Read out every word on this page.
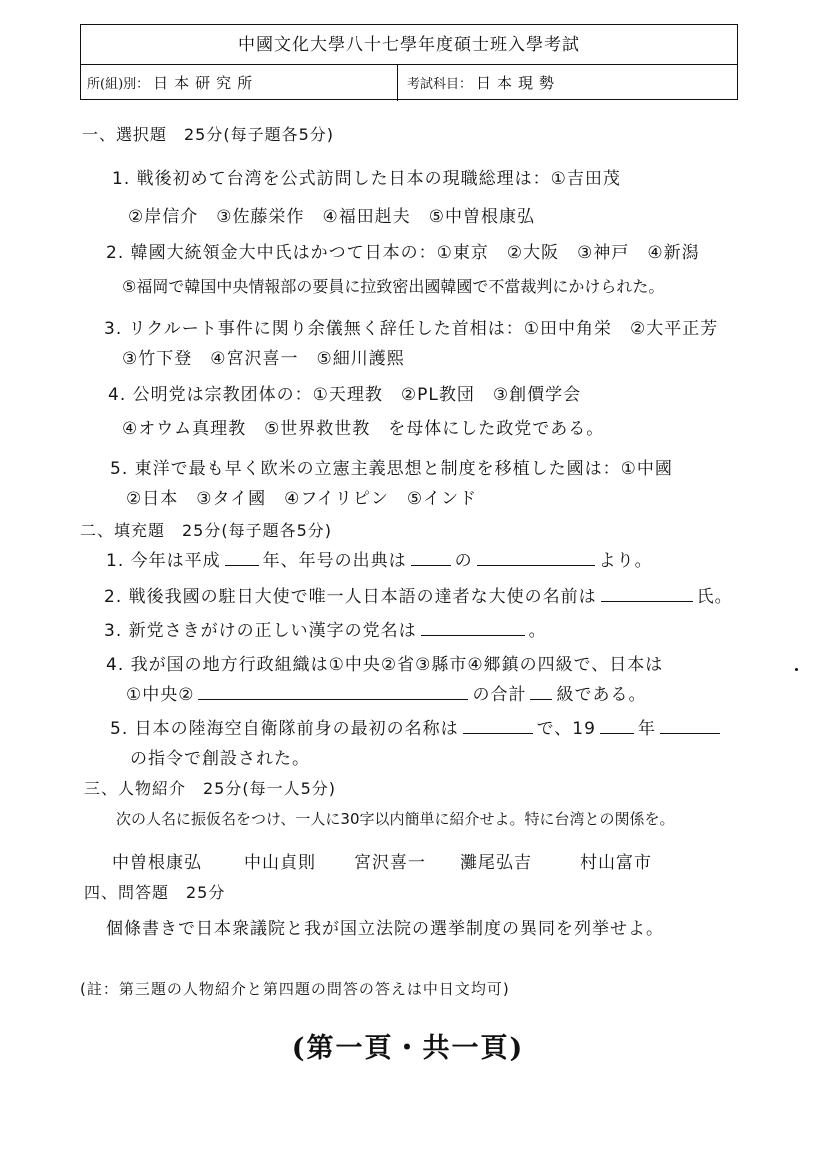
中國文化大學八十七學年度碩士班入學考試
所(組)別： 日本研究所	考試科目： 日本現勢
一、選択題　25分(每子題各5分)
1. 戦後初めて台湾を公式訪問した日本の現職総理は：①吉田茂
②岸信介　③佐藤栄作　④福田赳夫　⑤中曽根康弘
2. 韓國大統領金大中氏はかつて日本の：①東京　②大阪　③神戸　④新潟
⑤福岡で韓国中央情報部の要員に拉致密出國韓國で不當裁判にかけられた。
3. リクルート事件に関り余儀無く辞任した首相は：①田中角栄　②大平正芳
③竹下登　④宮沢喜一　⑤細川護熙
4. 公明党は宗教团体の：①天理教　②PL教団　③創價学会
④オウム真理教　⑤世界救世教　を母体にした政党である。
5. 東洋で最も早く欧米の立憲主義思想と制度を移植した國は：①中國
②日本　③タイ國　④フイリピン　⑤インド
二、填充題　25分(每子題各5分)
1. 今年は平成 年、年号の出典は	の	より。
2. 戦後我國の駐日大使で唯一人日本語の達者な大使の名前は	氏。
3. 新党さきがけの正しい漢字の党名は	。
4. 我が国の地方行政組織は①中央②省③縣市④郷鎮の四級で、日本は
①中央②	の合計 級である。
5. 日本の陸海空自衛隊前身の最初の名称は	で、19 年
の指令で創設された。
三、人物紹介　25分(每一人5分)
次の人名に振仮名をつけ、一人に30字以内簡単に紹介せよ。特に台湾との関係を。
中曽根康弘 中山貞則 宮沢喜一 灘尾弘吉	村山富市
四、問答題　25分
個條書きで日本衆議院と我が国立法院の選挙制度の異同を列挙せよ。
(註：第三題の人物紹介と第四題の問答の答えは中日文均可)
(第一頁・共一頁)
